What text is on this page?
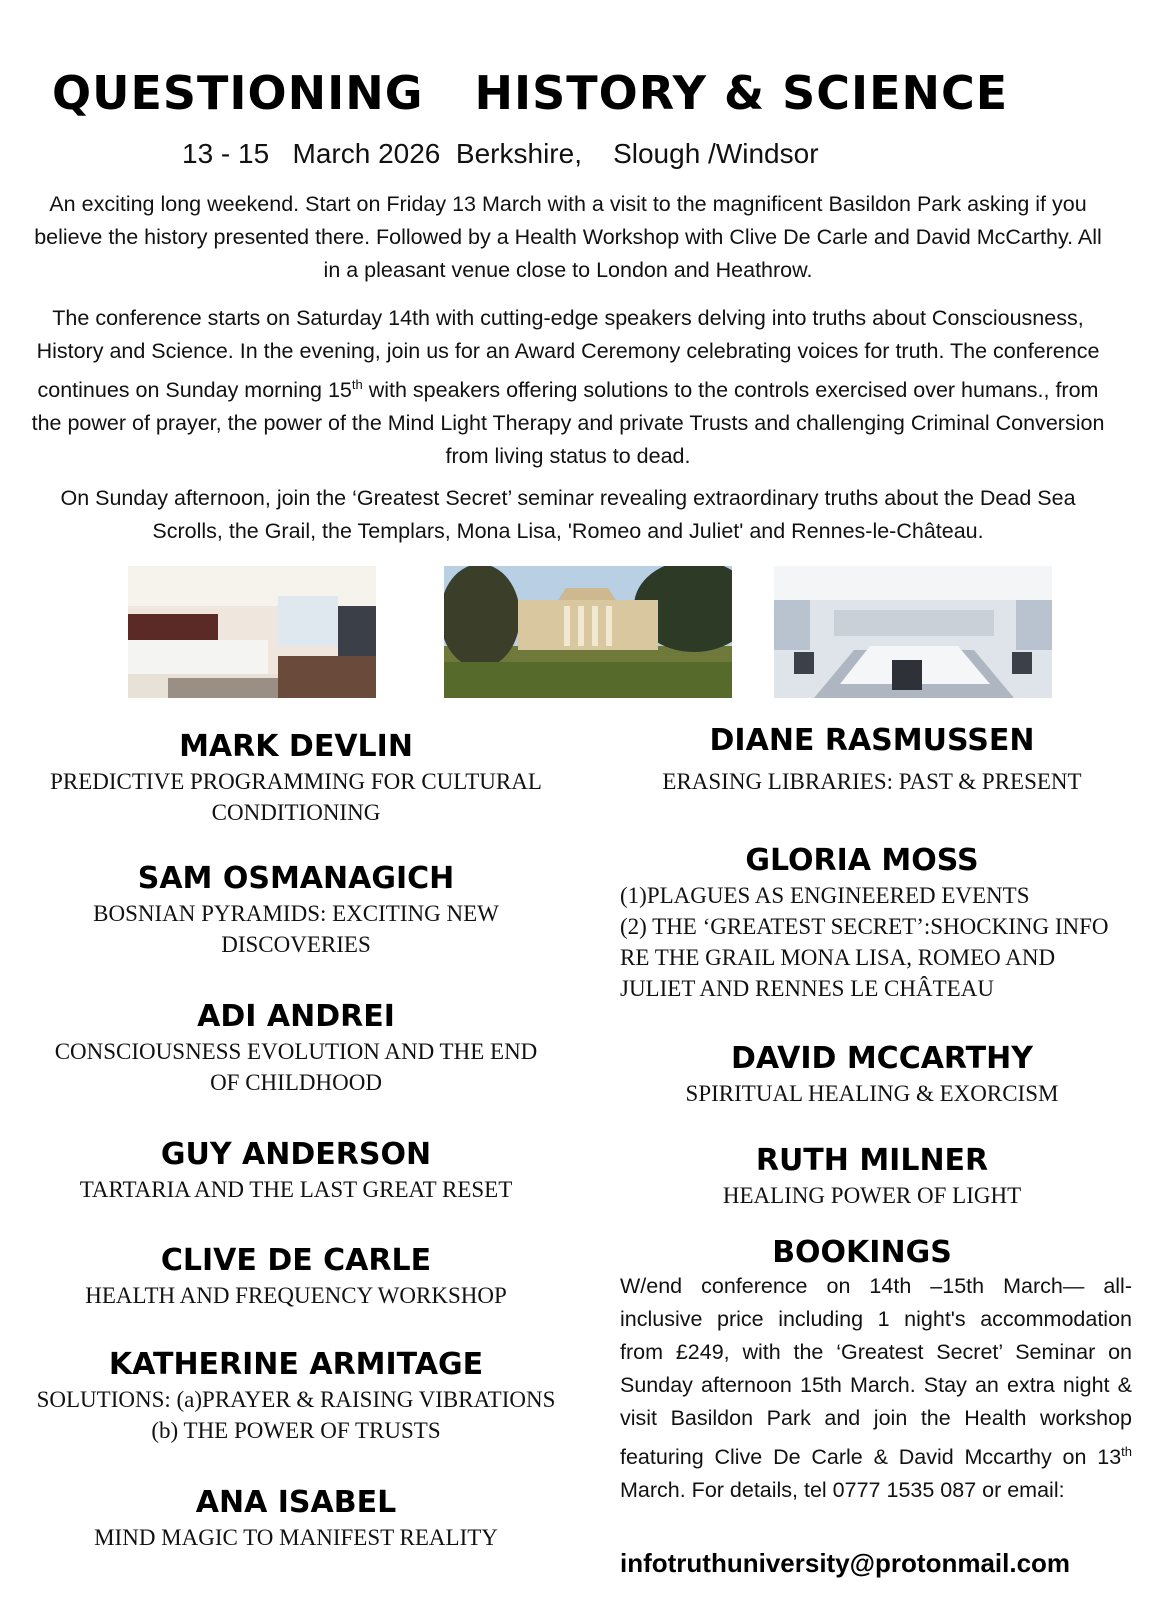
QUESTIONING   HISTORY & SCIENCE
13 - 15   March 2026  Berkshire,    Slough /Windsor

An exciting long weekend. Start on Friday 13 March with a visit to the magnificent Basildon Park asking if you believe the history presented there. Followed by a Health Workshop with Clive De Carle and David McCarthy. All in a pleasant venue close to London and Heathrow.

The conference starts on Saturday 14th with cutting-edge speakers delving into truths about Consciousness, History and Science. In the evening, join us for an Award Ceremony celebrating voices for truth. The conference continues on Sunday morning 15th with speakers offering solutions to the controls exercised over humans., from the power of prayer, the power of the Mind Light Therapy and private Trusts and challenging Criminal Conversion from living status to dead.

On Sunday afternoon, join the ‘Greatest Secret’ seminar revealing extraordinary truths about the Dead Sea Scrolls, the Grail, the Templars, Mona Lisa, 'Romeo and Juliet' and Rennes-le-Château.

MARK DEVLIN
PREDICTIVE PROGRAMMING FOR CULTURAL CONDITIONING
SAM OSMANAGICH
BOSNIAN PYRAMIDS: EXCITING NEW DISCOVERIES
ADI ANDREI
CONSCIOUSNESS EVOLUTION AND THE END OF CHILDHOOD
GUY ANDERSON
TARTARIA AND THE LAST GREAT RESET
CLIVE DE CARLE
HEALTH AND FREQUENCY WORKSHOP
KATHERINE ARMITAGE
SOLUTIONS: (a)PRAYER & RAISING VIBRATIONS (b) THE POWER OF TRUSTS
ANA ISABEL
MIND MAGIC TO MANIFEST REALITY
DIANE RASMUSSEN
ERASING LIBRARIES: PAST & PRESENT
GLORIA MOSS
(1)PLAGUES AS ENGINEERED EVENTS
(2) THE ‘GREATEST SECRET’:SHOCKING INFO RE THE GRAIL MONA LISA, ROMEO AND JULIET AND RENNES LE CHÂTEAU
DAVID MCCARTHY
SPIRITUAL HEALING & EXORCISM
RUTH MILNER
HEALING POWER OF LIGHT
BOOKINGS

W/end conference on 14th –15th March— all-inclusive price including 1 night's accommodation from £249, with the ‘Greatest Secret’ Seminar on Sunday afternoon 15th March. Stay an extra night & visit Basildon Park and join the Health workshop featuring Clive De Carle & David Mccarthy on 13th March. For details, tel 0777 1535 087 or email:

infotruthuniversity@protonmail.com
